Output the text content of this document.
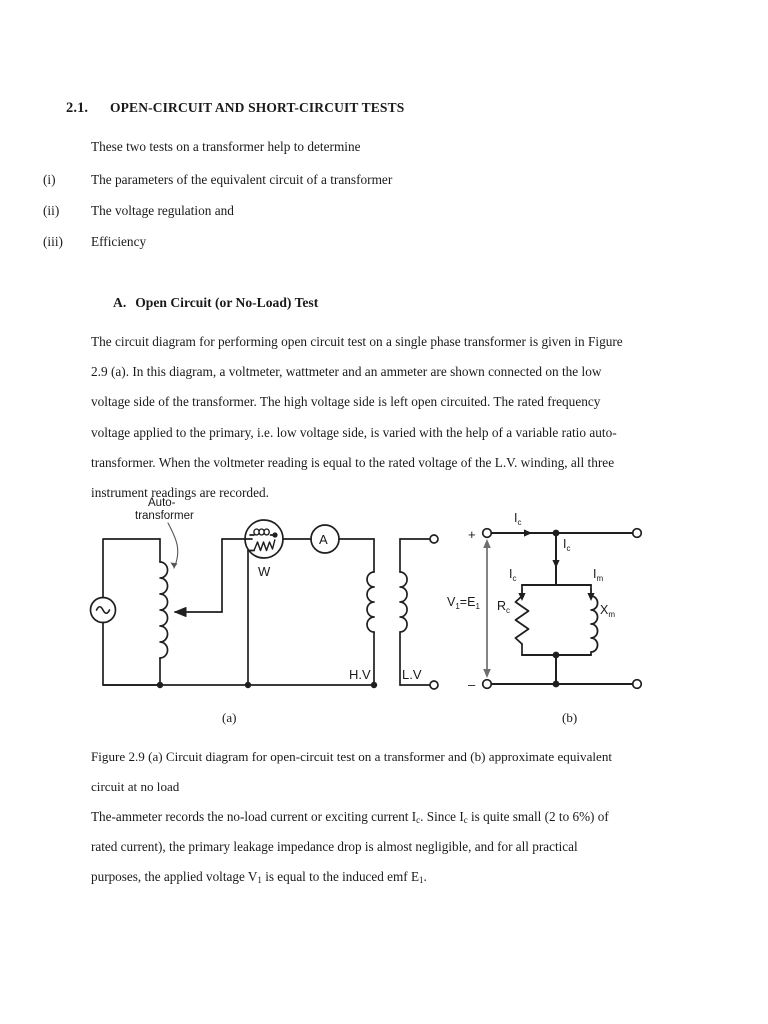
2.1. OPEN-CIRCUIT AND SHORT-CIRCUIT TESTS
These two tests on a transformer help to determine
(i)	The parameters of the equivalent circuit of a transformer
(ii)	The voltage regulation and
(iii)	Efficiency
A. Open Circuit (or No-Load) Test
The circuit diagram for performing open circuit test on a single phase transformer is given in Figure
2.9 (a). In this diagram, a voltmeter, wattmeter and an ammeter are shown connected on the low
voltage side of the transformer. The high voltage side is left open circuited. The rated frequency
voltage applied to the primary, i.e. low voltage side, is varied with the help of a variable ratio auto-
transformer. When the voltmeter reading is equal to the rated voltage of the L.V. winding, all three
instrument readings are recorded.
Auto-
transformer
W
A
H.V L.V
+
–
$I_c$
$I_c$
$I_c$	$I_m$
$V_1=E_1$ $R_c$	$X_m$
(a)	(b)
Figure 2.9 (a) Circuit diagram for open-circuit test on a transformer and (b) approximate equivalent
circuit at no load
The-ammeter records the no-load current or exciting current $I_c$. Since $I_c$ is quite small (2 to 6%) of
rated current), the primary leakage impedance drop is almost negligible, and for all practical
purposes, the applied voltage $V_1$ is equal to the induced emf $E_1$.
